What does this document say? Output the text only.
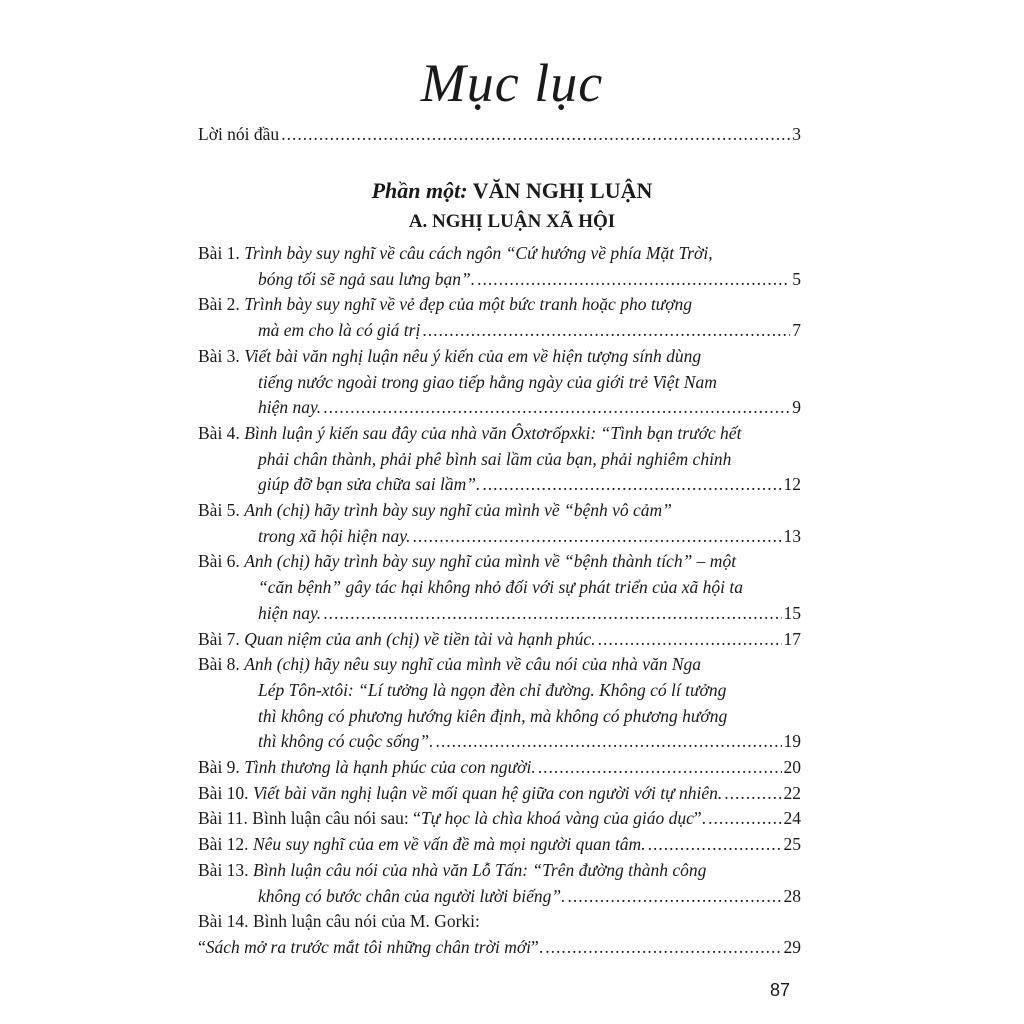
Mục lục
Lời nói đầu .....	3
Phần một: VĂN NGHỊ LUẬN
A. NGHỊ LUẬN XÃ HỘI
Bài 1. Trình bày suy nghĩ về câu cách ngôn “Cứ hướng về phía Mặt Trời,
bóng tối sẽ ngả sau lưng bạn”. .....	5
Bài 2. Trình bày suy nghĩ về vẻ đẹp của một bức tranh hoặc pho tượng
mà em cho là có giá trị .....	7
Bài 3. Viết bài văn nghị luận nêu ý kiến của em về hiện tượng sính dùng
tiếng nước ngoài trong giao tiếp hằng ngày của giới trẻ Việt Nam
hiện nay. .....	9
Bài 4. Bình luận ý kiến sau đây của nhà văn Ôxtơrốpxki: “Tình bạn trước hết
phải chân thành, phải phê bình sai lầm của bạn, phải nghiêm chỉnh
giúp đỡ bạn sửa chữa sai lầm”. .....	12
Bài 5. Anh (chị) hãy trình bày suy nghĩ của mình về “bệnh vô cảm”
trong xã hội hiện nay. .....	13
Bài 6. Anh (chị) hãy trình bày suy nghĩ của mình về “bệnh thành tích” – một
“căn bệnh” gây tác hại không nhỏ đối với sự phát triển của xã hội ta
hiện nay. .....	15
Bài 7. Quan niệm của anh (chị) về tiền tài và hạnh phúc. .....	17
Bài 8. Anh (chị) hãy nêu suy nghĩ của mình về câu nói của nhà văn Nga
Lép Tôn-xtôi: “Lí tưởng là ngọn đèn chỉ đường. Không có lí tưởng
thì không có phương hướng kiên định, mà không có phương hướng
thì không có cuộc sống”. .....	19
Bài 9. Tình thương là hạnh phúc của con người. .....	20
Bài 10. Viết bài văn nghị luận về mối quan hệ giữa con người với tự nhiên. .....	22
Bài 11. Bình luận câu nói sau: “ Tự học là chìa khoá vàng của giáo dục ”. .....	24
Bài 12. Nêu suy nghĩ của em về vấn đề mà mọi người quan tâm. .....	25
Bài 13. Bình luận câu nói của nhà văn Lỗ Tấn: “Trên đường thành công
không có bước chân của người lười biếng”. .....	28
Bài 14. Bình luận câu nói của M. Gorki:
“ Sách mở ra trước mắt tôi những chân trời mới ”. .....	29
87
